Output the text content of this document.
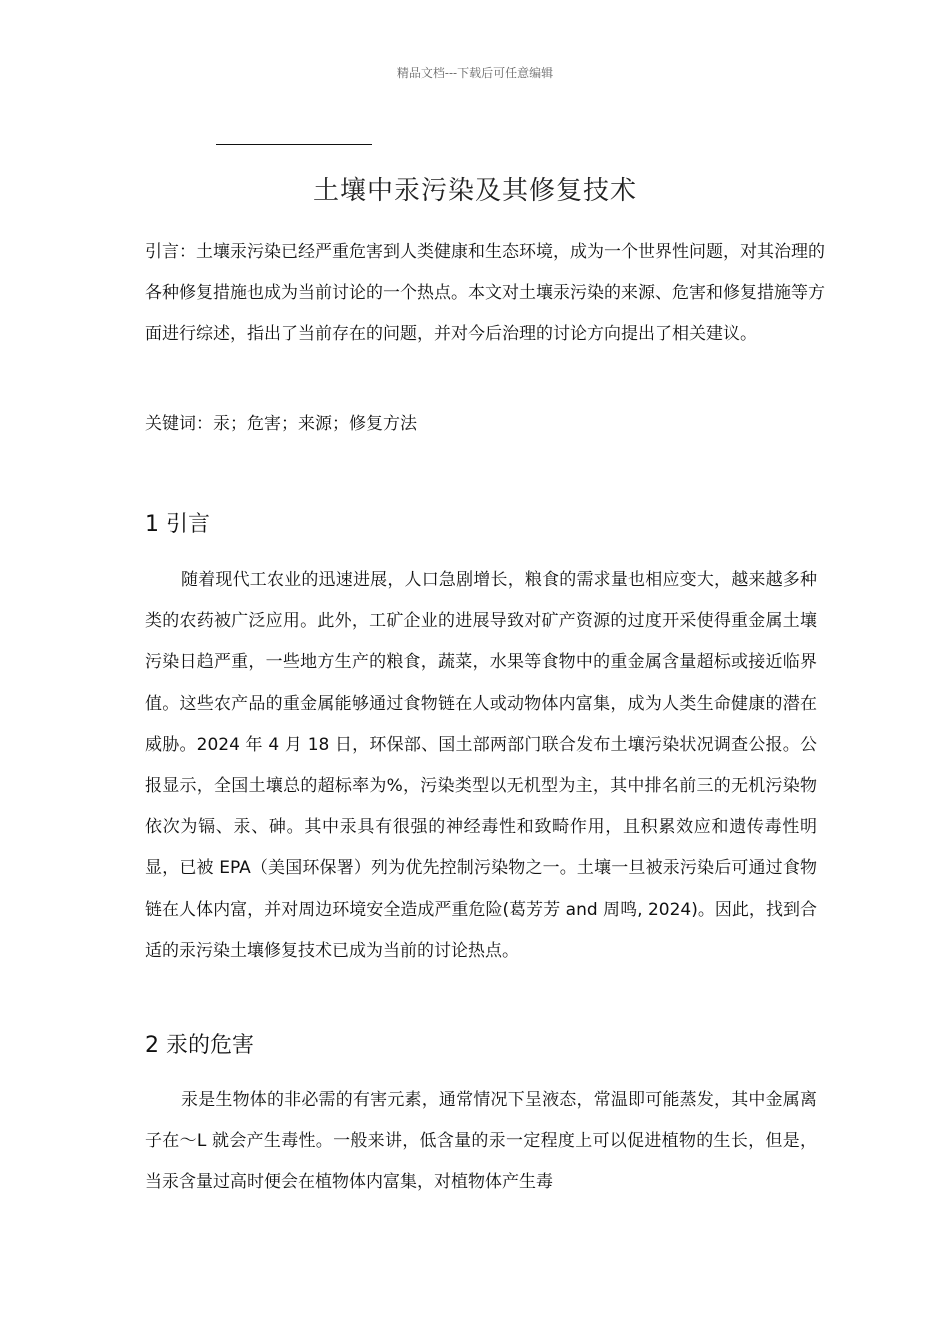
精品文档---下载后可任意编辑
土壤中汞污染及其修复技术

引言：土壤汞污染已经严重危害到人类健康和生态环境，成为一个世界性问题，对其治理的各种修复措施也成为当前讨论的一个热点。本文对土壤汞污染的来源、危害和修复措施等方面进行综述，指出了当前存在的问题，并对今后治理的讨论方向提出了相关建议。

关键词：汞；危害；来源；修复方法

1 引言

随着现代工农业的迅速进展，人口急剧增长，粮食的需求量也相应变大，越来越多种类的农药被广泛应用。此外，工矿企业的进展导致对矿产资源的过度开采使得重金属土壤污染日趋严重，一些地方生产的粮食，蔬菜，水果等食物中的重金属含量超标或接近临界值。这些农产品的重金属能够通过食物链在人或动物体内富集，成为人类生命健康的潜在威胁。2024 年 4 月 18 日，环保部、国土部两部门联合发布土壤污染状况调查公报。公报显示，全国土壤总的超标率为%，污染类型以无机型为主，其中排名前三的无机污染物依次为镉、汞、砷。其中汞具有很强的神经毒性和致畸作用，且积累效应和遗传毒性明显，已被 EPA（美国环保署）列为优先控制污染物之一。土壤一旦被汞污染后可通过食物链在人体内富，并对周边环境安全造成严重危险(葛芳芳 and 周鸣, 2024)。因此，找到合适的汞污染土壤修复技术已成为当前的讨论热点。

2 汞的危害

汞是生物体的非必需的有害元素，通常情况下呈液态，常温即可能蒸发，其中金属离子在～L 就会产生毒性。一般来讲，低含量的汞一定程度上可以促进植物的生长，但是，当汞含量过高时便会在植物体内富集，对植物体产生毒
